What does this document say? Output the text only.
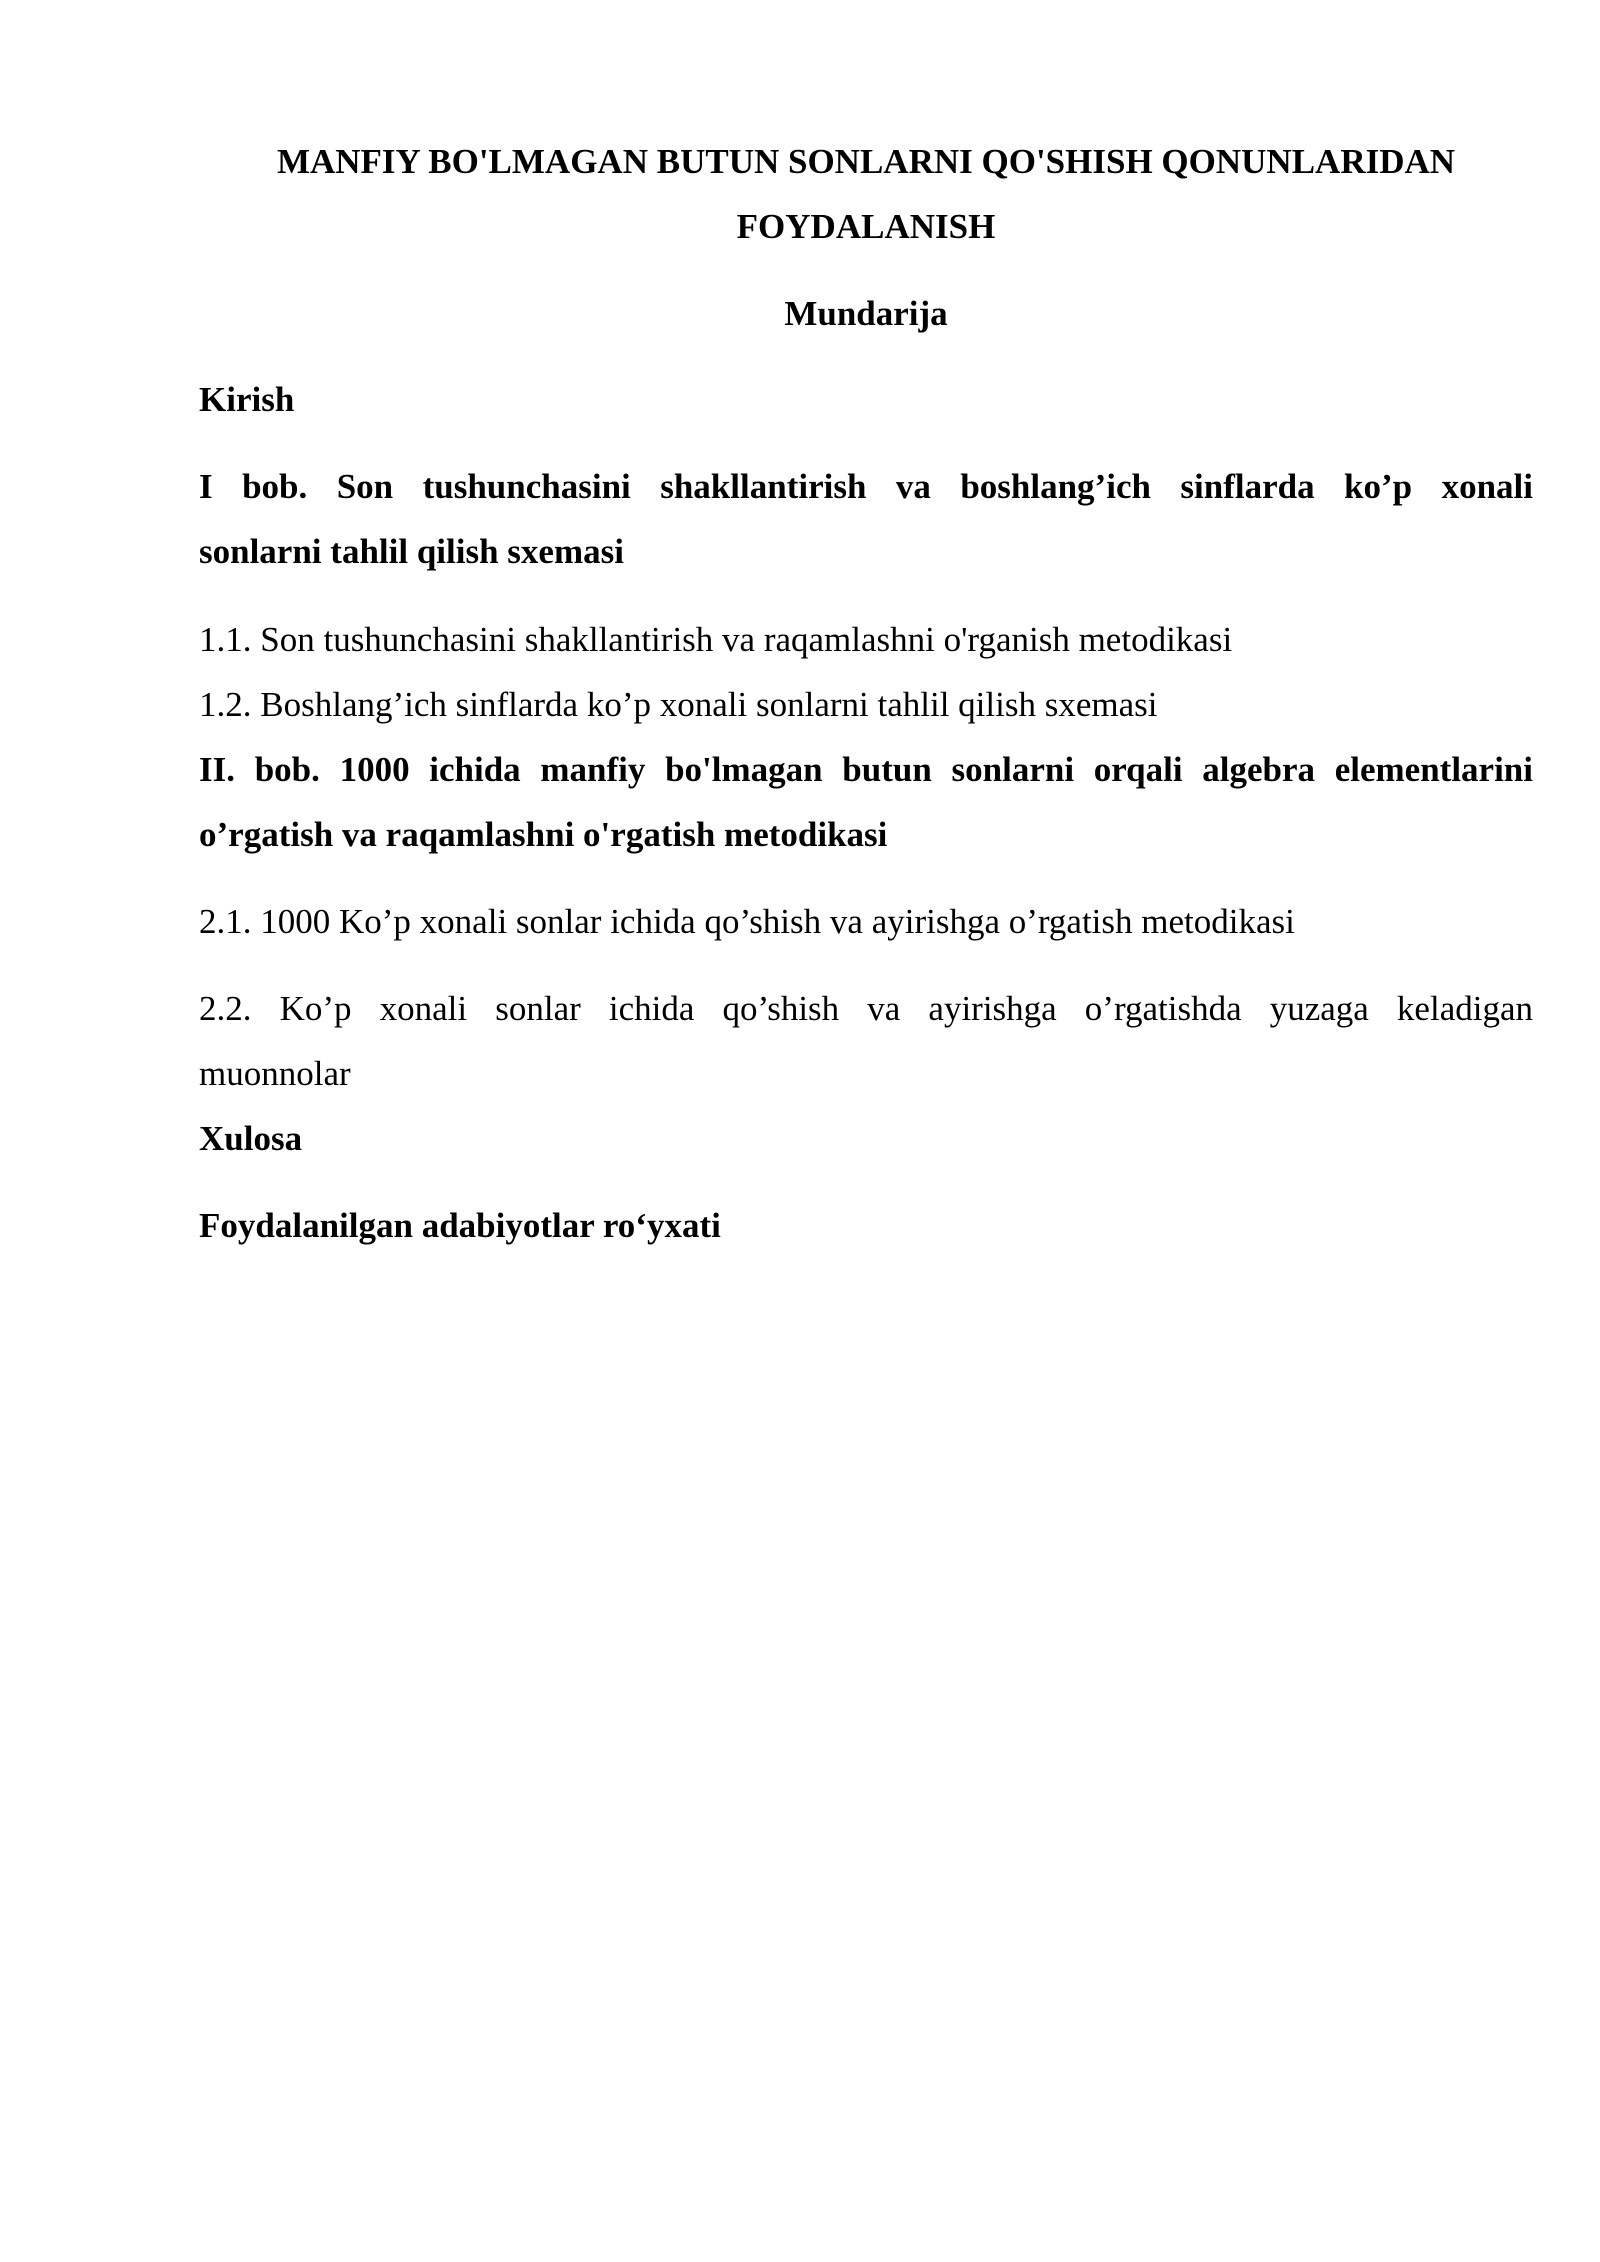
MANFIY BO'LMAGAN BUTUN SONLARNI QO'SHISH QONUNLARIDAN
FOYDALANISH
Mundarija
Kirish
I bob. Son tushunchasini shakllantirish va boshlang’ich sinflarda ko’p xonali
sonlarni tahlil qilish sxemasi
1.1. Son tushunchasini shakllantirish va raqamlashni o'rganish metodikasi
1.2. Boshlang’ich sinflarda ko’p xonali sonlarni tahlil qilish sxemasi
II. bob. 1000 ichida manfiy bo'lmagan butun sonlarni orqali algebra elementlarini
o’rgatish va raqamlashni o'rgatish metodikasi
2.1. 1000 Ko’p xonali sonlar ichida qo’shish va ayirishga o’rgatish metodikasi
2.2. Ko’p xonali sonlar ichida qo’shish va ayirishga o’rgatishda yuzaga keladigan
muonnolar
Xulosa
Foydalanilgan adabiyotlar ro‘yxati
